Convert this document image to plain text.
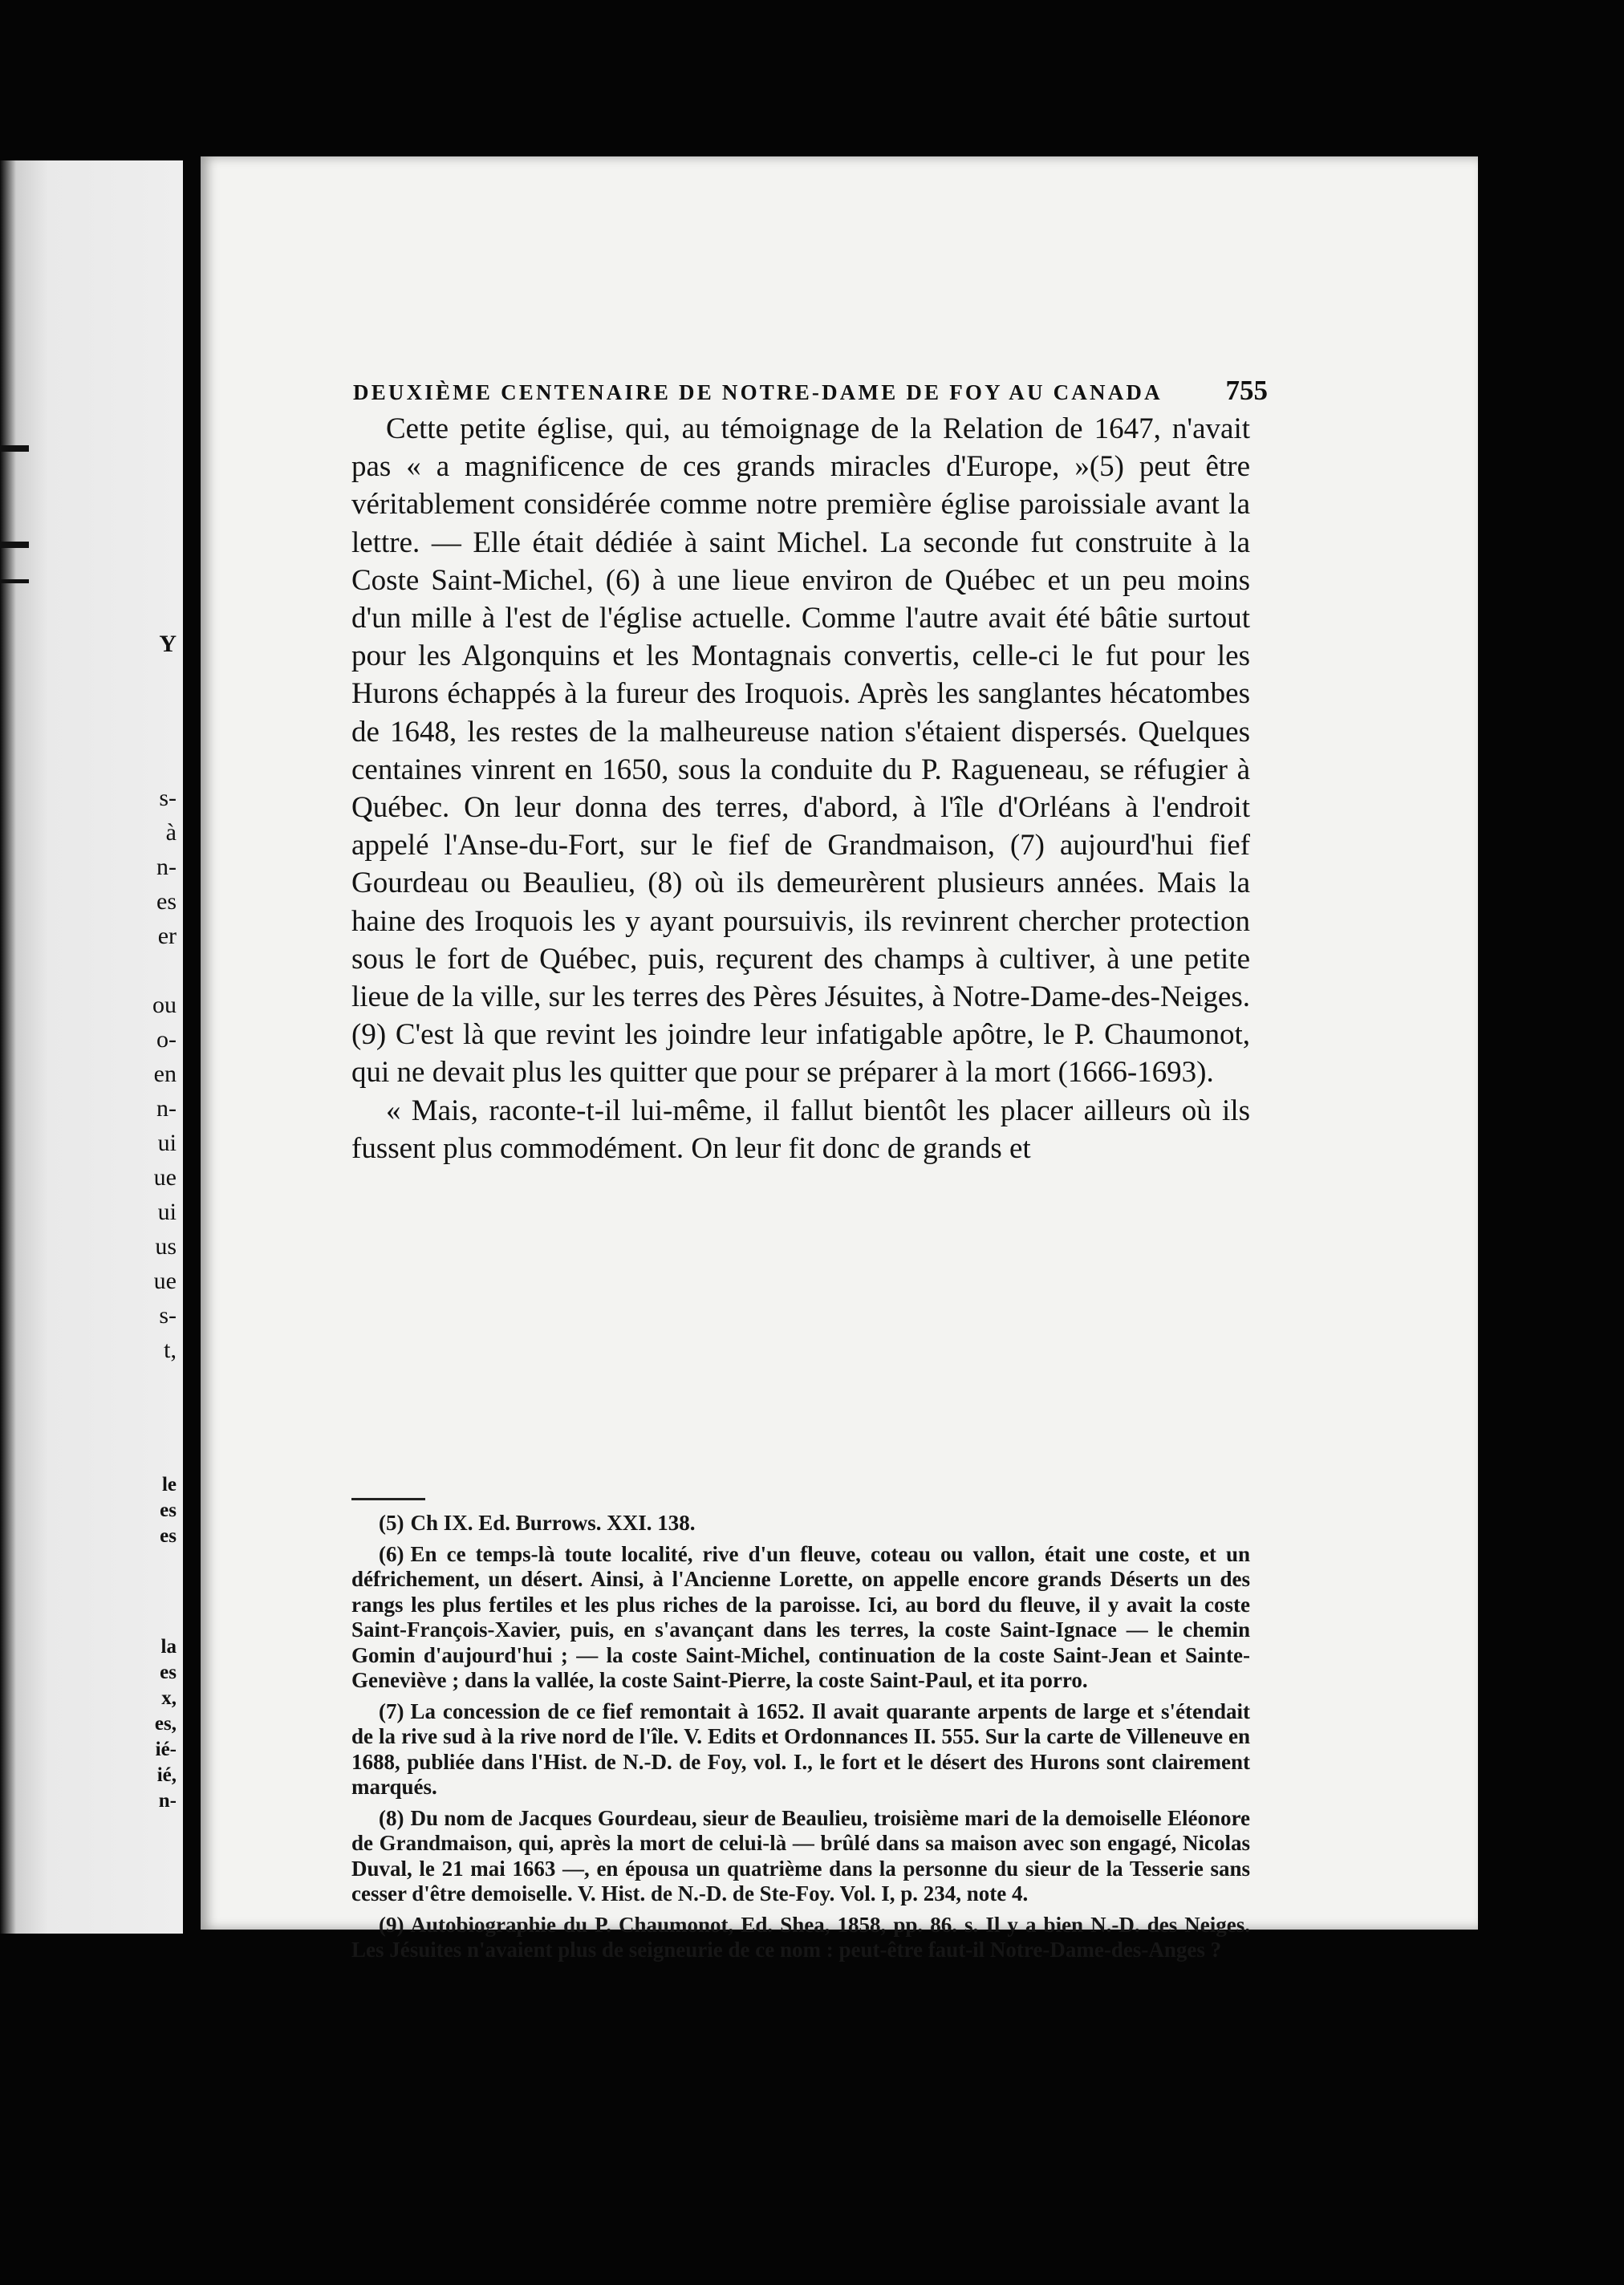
Y
s-
à
n-
es
er
ou
o-
en
n-
ui
ue
ui
us
ue
s-
t,
le
es
es
la
es
x,
es,
ié-
ié,
n-
DEUXIÈME CENTENAIRE DE NOTRE-DAME DE FOY AU CANADA 755

Cette petite église, qui, au témoignage de la Relation de 1647, n'avait pas « a magnificence de ces grands miracles d'Europe, »(5) peut être véritablement considérée comme notre première église paroissiale avant la lettre. — Elle était dédiée à saint Michel. La seconde fut construite à la Coste Saint-Michel, (6) à une lieue environ de Québec et un peu moins d'un mille à l'est de l'église actuelle. Comme l'autre avait été bâtie surtout pour les Algonquins et les Montagnais convertis, celle-ci le fut pour les Hurons échappés à la fureur des Iroquois. Après les sanglantes hécatombes de 1648, les restes de la malheureuse nation s'étaient dispersés. Quelques centaines vinrent en 1650, sous la conduite du P. Ragueneau, se réfugier à Québec. On leur donna des terres, d'abord, à l'île d'Orléans à l'endroit appelé l'Anse-du-Fort, sur le fief de Grandmaison, (7) aujourd'hui fief Gourdeau ou Beaulieu, (8) où ils demeurèrent plusieurs années. Mais la haine des Iroquois les y ayant poursuivis, ils revinrent chercher protection sous le fort de Québec, puis, reçurent des champs à cultiver, à une petite lieue de la ville, sur les terres des Pères Jésuites, à Notre-Dame-des-Neiges. (9) C'est là que revint les joindre leur infatigable apôtre, le P. Chaumonot, qui ne devait plus les quitter que pour se préparer à la mort (1666-1693).

« Mais, raconte-t-il lui-même, il fallut bientôt les placer ailleurs où ils fussent plus commodément. On leur fit donc de grands et

(5) Ch IX. Ed. Burrows. XXI. 138.

(6) En ce temps-là toute localité, rive d'un fleuve, coteau ou vallon, était une coste, et un défrichement, un désert. Ainsi, à l'Ancienne Lorette, on appelle encore grands Déserts un des rangs les plus fertiles et les plus riches de la paroisse. Ici, au bord du fleuve, il y avait la coste Saint-François-Xavier, puis, en s'avançant dans les terres, la coste Saint-Ignace — le chemin Gomin d'aujourd'hui ; — la coste Saint-Michel, continuation de la coste Saint-Jean et Sainte-Geneviève ; dans la vallée, la coste Saint-Pierre, la coste Saint-Paul, et ita porro.

(7) La concession de ce fief remontait à 1652. Il avait quarante arpents de large et s'étendait de la rive sud à la rive nord de l'île. V. Edits et Ordonnances II. 555. Sur la carte de Villeneuve en 1688, publiée dans l'Hist. de N.-D. de Foy, vol. I., le fort et le désert des Hurons sont clairement marqués.

(8) Du nom de Jacques Gourdeau, sieur de Beaulieu, troisième mari de la demoiselle Eléonore de Grandmaison, qui, après la mort de celui-là — brûlé dans sa maison avec son engagé, Nicolas Duval, le 21 mai 1663 —, en épousa un quatrième dans la personne du sieur de la Tesserie sans cesser d'être demoiselle. V. Hist. de N.-D. de Ste-Foy. Vol. I, p. 234, note 4.

(9) Autobiographie du P. Chaumonot, Ed. Shea, 1858, pp. 86. s. Il y a bien N.-D. des Neiges. Les Jésuites n'avaient plus de seigneurie de ce nom : peut-être faut-il Notre-Dame-des-Anges ?
